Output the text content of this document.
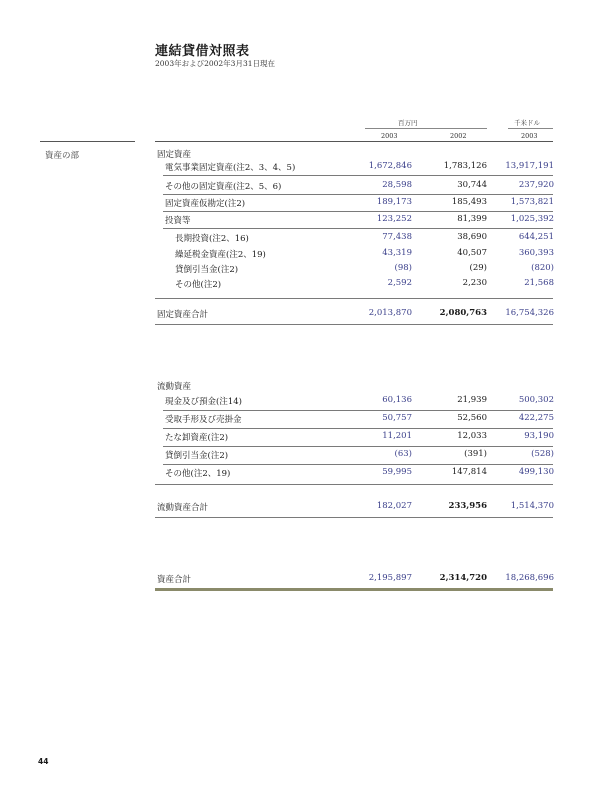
連結貸借対照表
2003年および2002年3月31日現在
百万円	千米ドル
2003	2002	2003
資産の部	固定資産
電気事業固定資産(注2、3、4、5)	1,672,846	1,783,126	13,917,191
その他の固定資産(注2、5、6)	28,598	30,744	237,920
固定資産仮勘定(注2)	189,173	185,493	1,573,821
投資等	123,252	81,399	1,025,392
長期投資(注2、16)	77,438	38,690	644,251
繰延税金資産(注2、19)	43,319	40,507	360,393
貸倒引当金(注2)	(98)	(29)	(820)
その他(注2)	2,592	2,230	21,568
固定資産合計	2,013,870	2,080,763	16,754,326
流動資産
現金及び預金(注14)	60,136	21,939	500,302
受取手形及び売掛金	50,757	52,560	422,275
たな卸資産(注2)	11,201	12,033	93,190
貸倒引当金(注2)	(63)	(391)	(528)
その他(注2、19)	59,995	147,814	499,130
流動資産合計	182,027	233,956	1,514,370
資産合計	2,195,897	2,314,720	18,268,696
44
